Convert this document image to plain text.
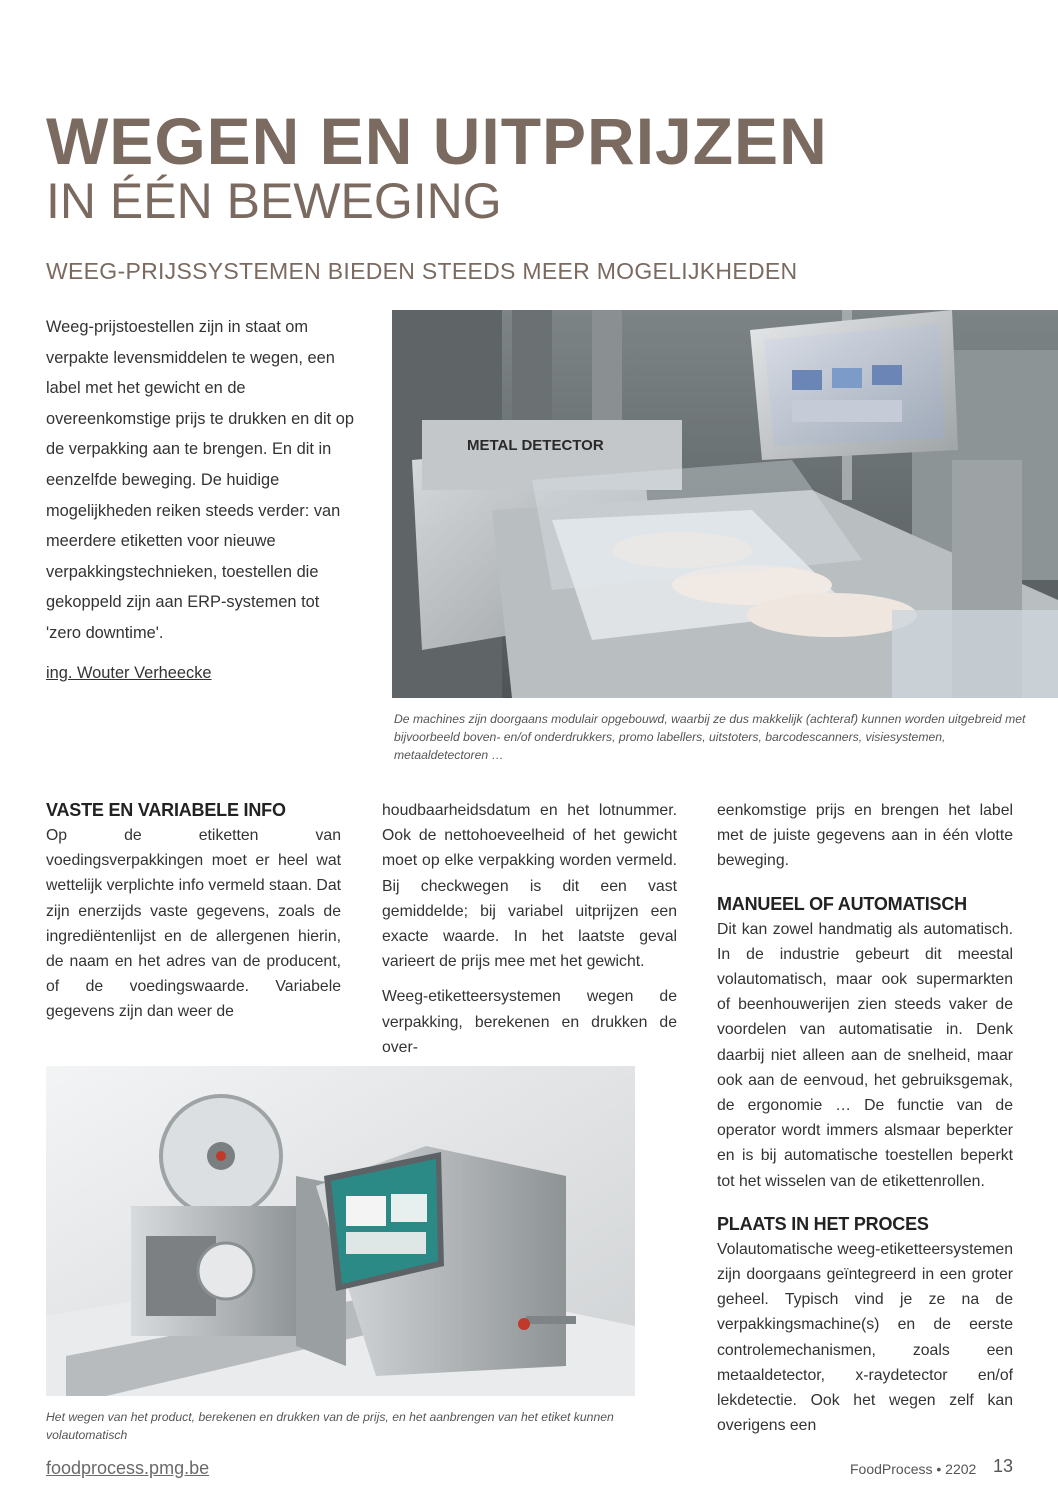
WEGEN EN UITPRIJZEN
IN ÉÉN BEWEGING
WEEG-PRIJSSYSTEMEN BIEDEN STEEDS MEER MOGELIJKHEDEN
Weeg-prijstoestellen zijn in staat om verpakte levensmiddelen te wegen, een label met het gewicht en de overeenkomstige prijs te drukken en dit op de verpakking aan te brengen. En dit in eenzelfde beweging. De huidige mogelijkheden reiken steeds verder: van meerdere etiketten voor nieuwe verpakkingstechnieken, toestellen die gekoppeld zijn aan ERP-systemen tot 'zero downtime'.
ing. Wouter Verheecke
METAL DETECTOR
De machines zijn doorgaans modulair opgebouwd, waarbij ze dus makkelijk (achteraf) kunnen worden uitgebreid met bijvoorbeeld boven- en/of onderdrukkers, promo labellers, uitstoters, barcodescanners, visiesystemen, metaaldetectoren …

VASTE EN VARIABELE INFO

Op de etiketten van voedingsverpakkingen moet er heel wat wettelijk verplichte info vermeld staan. Dat zijn enerzijds vaste gegevens, zoals de ingrediëntenlijst en de allergenen hierin, de naam en het adres van de producent, of de voedingswaarde. Variabele gegevens zijn dan weer de

houdbaarheidsdatum en het lotnummer. Ook de nettohoeveelheid of het gewicht moet op elke verpakking worden vermeld. Bij checkwegen is dit een vast gemiddelde; bij variabel uitprijzen een exacte waarde. In het laatste geval varieert de prijs mee met het gewicht.

Weeg-etiketteersystemen wegen de verpakking, berekenen en drukken de over-

eenkomstige prijs en brengen het label met de juiste gegevens aan in één vlotte beweging.

MANUEEL OF AUTOMATISCH

Dit kan zowel handmatig als automatisch. In de industrie gebeurt dit meestal volautomatisch, maar ook supermarkten of beenhouwerijen zien steeds vaker de voordelen van automatisatie in. Denk daarbij niet alleen aan de snelheid, maar ook aan de eenvoud, het gebruiksgemak, de ergonomie … De functie van de operator wordt immers alsmaar beperkter en is bij automatische toestellen beperkt tot het wisselen van de etikettenrollen.

PLAATS IN HET PROCES

Volautomatische weeg-etiketteersystemen zijn doorgaans geïntegreerd in een groter geheel. Typisch vind je ze na de verpakkingsmachine(s) en de eerste controlemechanismen, zoals een metaaldetector, x-raydetector en/of lekdetectie. Ook het wegen zelf kan overigens een

Het wegen van het product, berekenen en drukken van de prijs, en het aanbrengen van het etiket kunnen volautomatisch
foodprocess.pmg.be	FoodProcess • 2202 13
